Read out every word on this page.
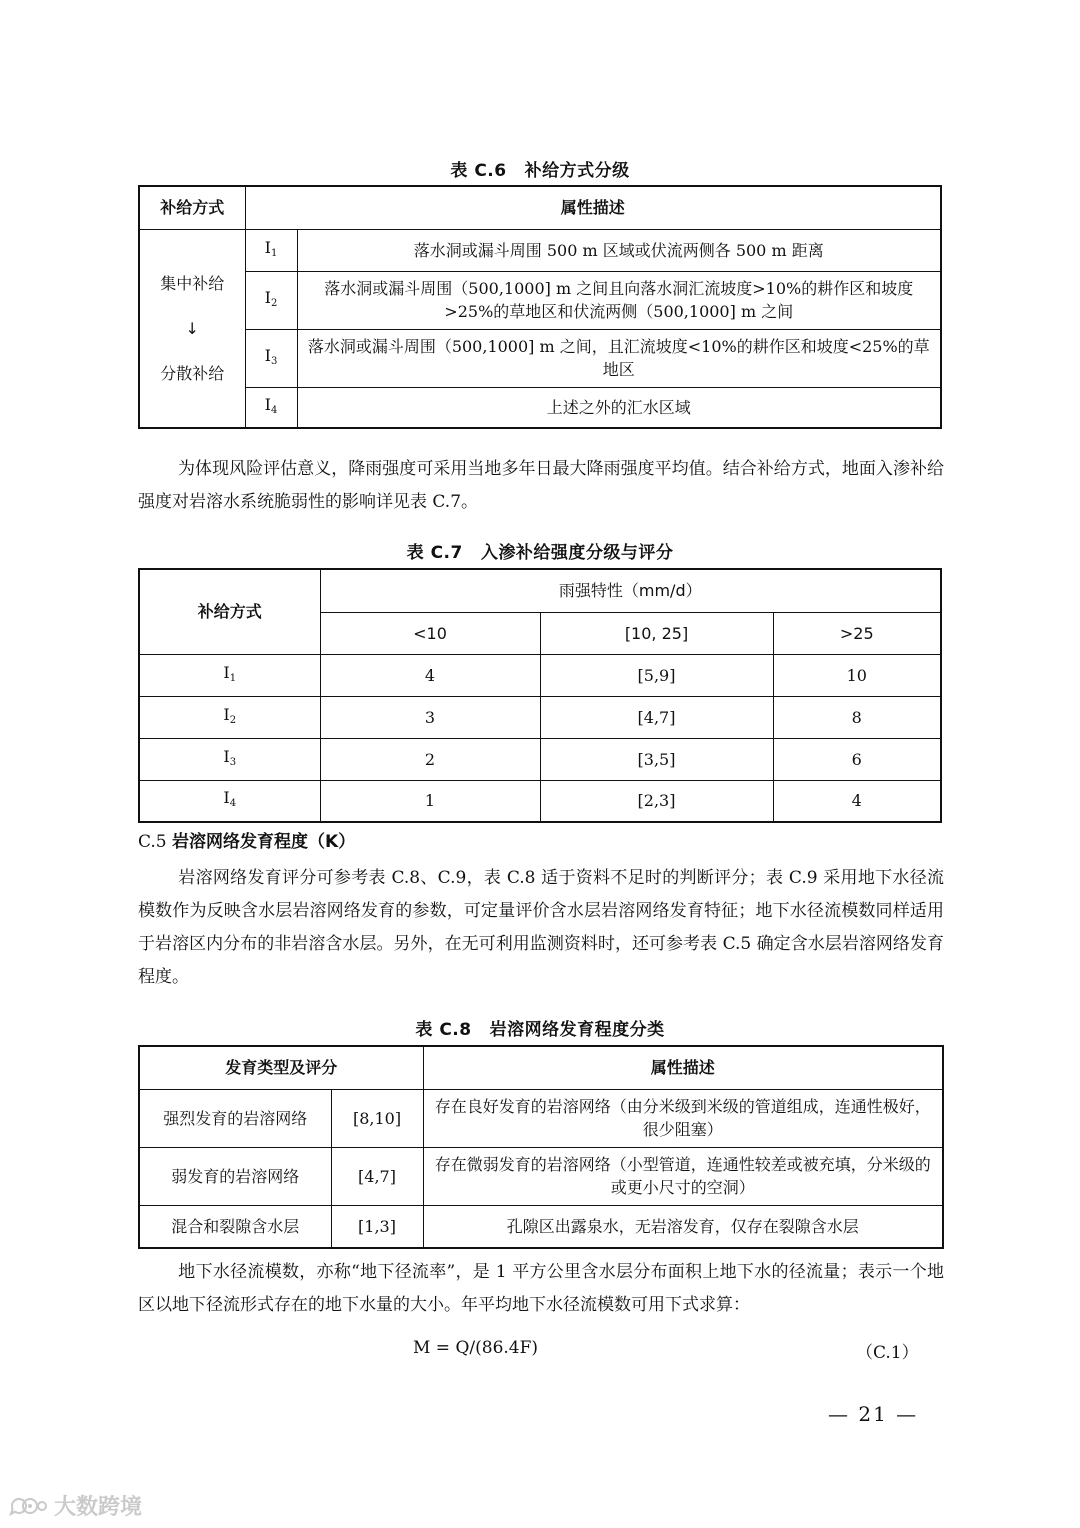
表 C.6 补给方式分级
补给方式	属性描述	

集中补给
↓
分散补给	$I_1$	落水洞或漏斗周围 500 m 区域或伏流两侧各 500 m 距离
	$I_2$	落水洞或漏斗周围（500,1000] m 之间且向落水洞汇流坡度>10%的耕作区和坡度>25%的草地区和伏流两侧（500,1000] m 之间
	$I_3$	落水洞或漏斗周围（500,1000] m 之间，且汇流坡度<10%的耕作区和坡度<25%的草地区
	$I_4$	上述之外的汇水区域
为体现风险评估意义，降雨强度可采用当地多年日最大降雨强度平均值。结合补给方式，地面入渗补给强度对岩溶水系统脆弱性的影响详见表 C.7。
表 C.7 入渗补给强度分级与评分
补给方式	雨强特性（mm/d）		
	<10	[10, 25]	>25
$I_1$	4	[5,9]	10
$I_2$	3	[4,7]	8
$I_3$	2	[3,5]	6
$I_4$	1	[2,3]	4
C.5 岩溶网络发育程度（K）
岩溶网络发育评分可参考表 C.8、C.9，表 C.8 适于资料不足时的判断评分；表 C.9 采用地下水径流模数作为反映含水层岩溶网络发育的参数，可定量评价含水层岩溶网络发育特征；地下水径流模数同样适用于岩溶区内分布的非岩溶含水层。另外，在无可利用监测资料时，还可参考表 C.5 确定含水层岩溶网络发育程度。
表 C.8 岩溶网络发育程度分类
发育类型及评分		属性描述
强烈发育的岩溶网络	[8,10]	存在良好发育的岩溶网络（由分米级到米级的管道组成，连通性极好，很少阻塞）
弱发育的岩溶网络	[4,7]	存在微弱发育的岩溶网络（小型管道，连通性较差或被充填，分米级的或更小尺寸的空洞）
混合和裂隙含水层	[1,3]	孔隙区出露泉水，无岩溶发育，仅存在裂隙含水层
地下水径流模数，亦称“地下径流率”，是 1 平方公里含水层分布面积上地下水的径流量；表示一个地区以地下径流形式存在的地下水量的大小。年平均地下水径流模数可用下式求算：
M = Q/(86.4F)	（C.1）
— 21 —
大数跨境
